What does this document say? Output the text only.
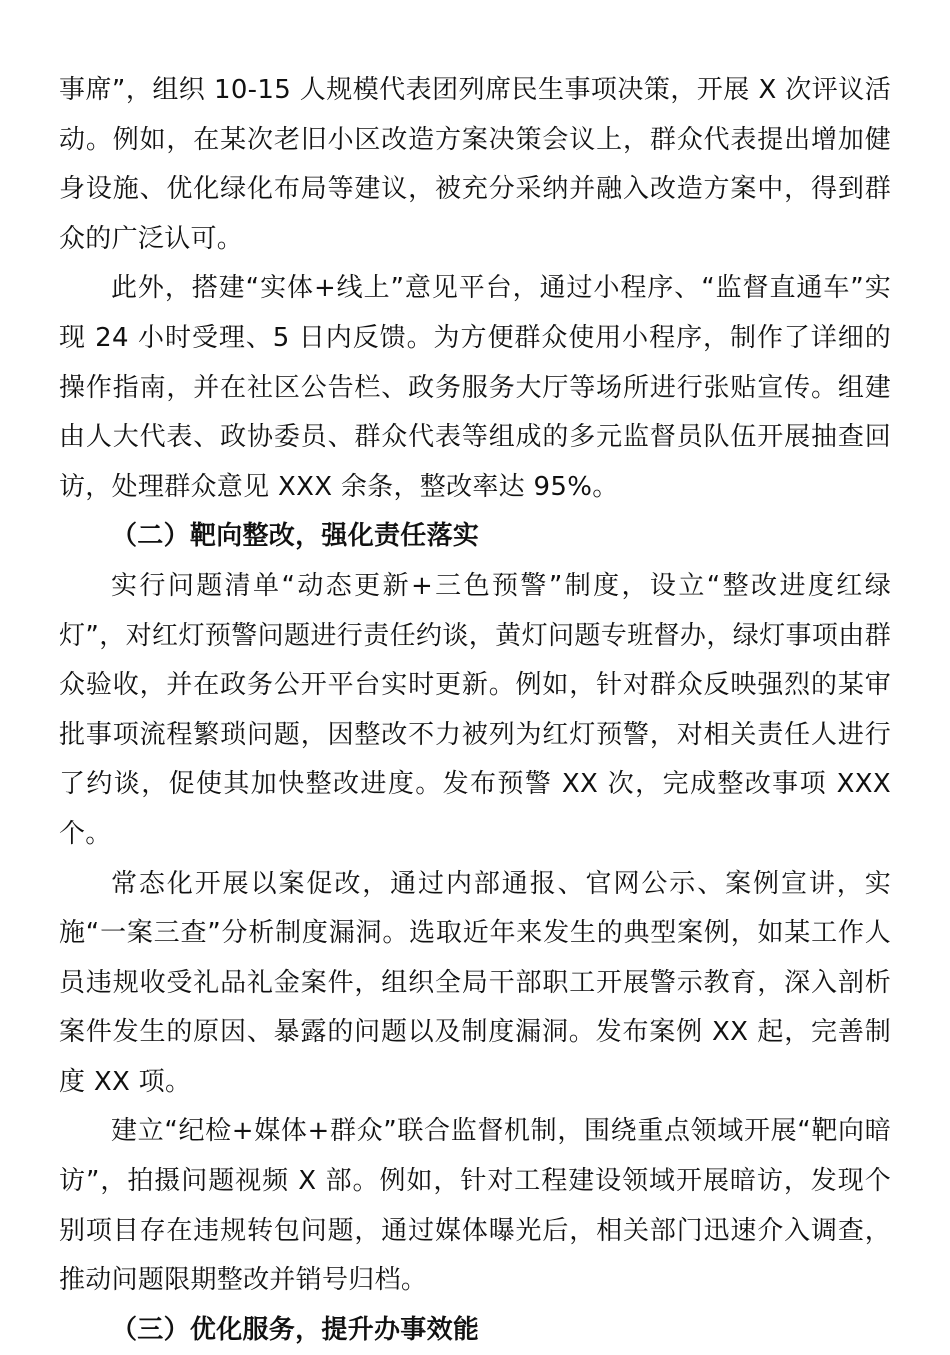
事席”，组织 10-15 人规模代表团列席民生事项决策，开展 X 次评议活动。例如，在某次老旧小区改造方案决策会议上，群众代表提出增加健身设施、优化绿化布局等建议，被充分采纳并融入改造方案中，得到群众的广泛认可。

此外，搭建“实体+线上”意见平台，通过小程序、“监督直通车”实现 24 小时受理、5 日内反馈。为方便群众使用小程序，制作了详细的操作指南，并在社区公告栏、政务服务大厅等场所进行张贴宣传。组建由人大代表、政协委员、群众代表等组成的多元监督员队伍开展抽查回访，处理群众意见 XXX 余条，整改率达 95%。

（二）靶向整改，强化责任落实

实行问题清单“动态更新+三色预警”制度，设立“整改进度红绿灯”，对红灯预警问题进行责任约谈，黄灯问题专班督办，绿灯事项由群众验收，并在政务公开平台实时更新。例如，针对群众反映强烈的某审批事项流程繁琐问题，因整改不力被列为红灯预警，对相关责任人进行了约谈，促使其加快整改进度。发布预警 XX 次，完成整改事项 XXX 个。

常态化开展以案促改，通过内部通报、官网公示、案例宣讲，实施“一案三查”分析制度漏洞。选取近年来发生的典型案例，如某工作人员违规收受礼品礼金案件，组织全局干部职工开展警示教育，深入剖析案件发生的原因、暴露的问题以及制度漏洞。发布案例 XX 起，完善制度 XX 项。

建立“纪检+媒体+群众”联合监督机制，围绕重点领域开展“靶向暗访”，拍摄问题视频 X 部。例如，针对工程建设领域开展暗访，发现个别项目存在违规转包问题，通过媒体曝光后，相关部门迅速介入调查，推动问题限期整改并销号归档。

（三）优化服务，提升办事效能
